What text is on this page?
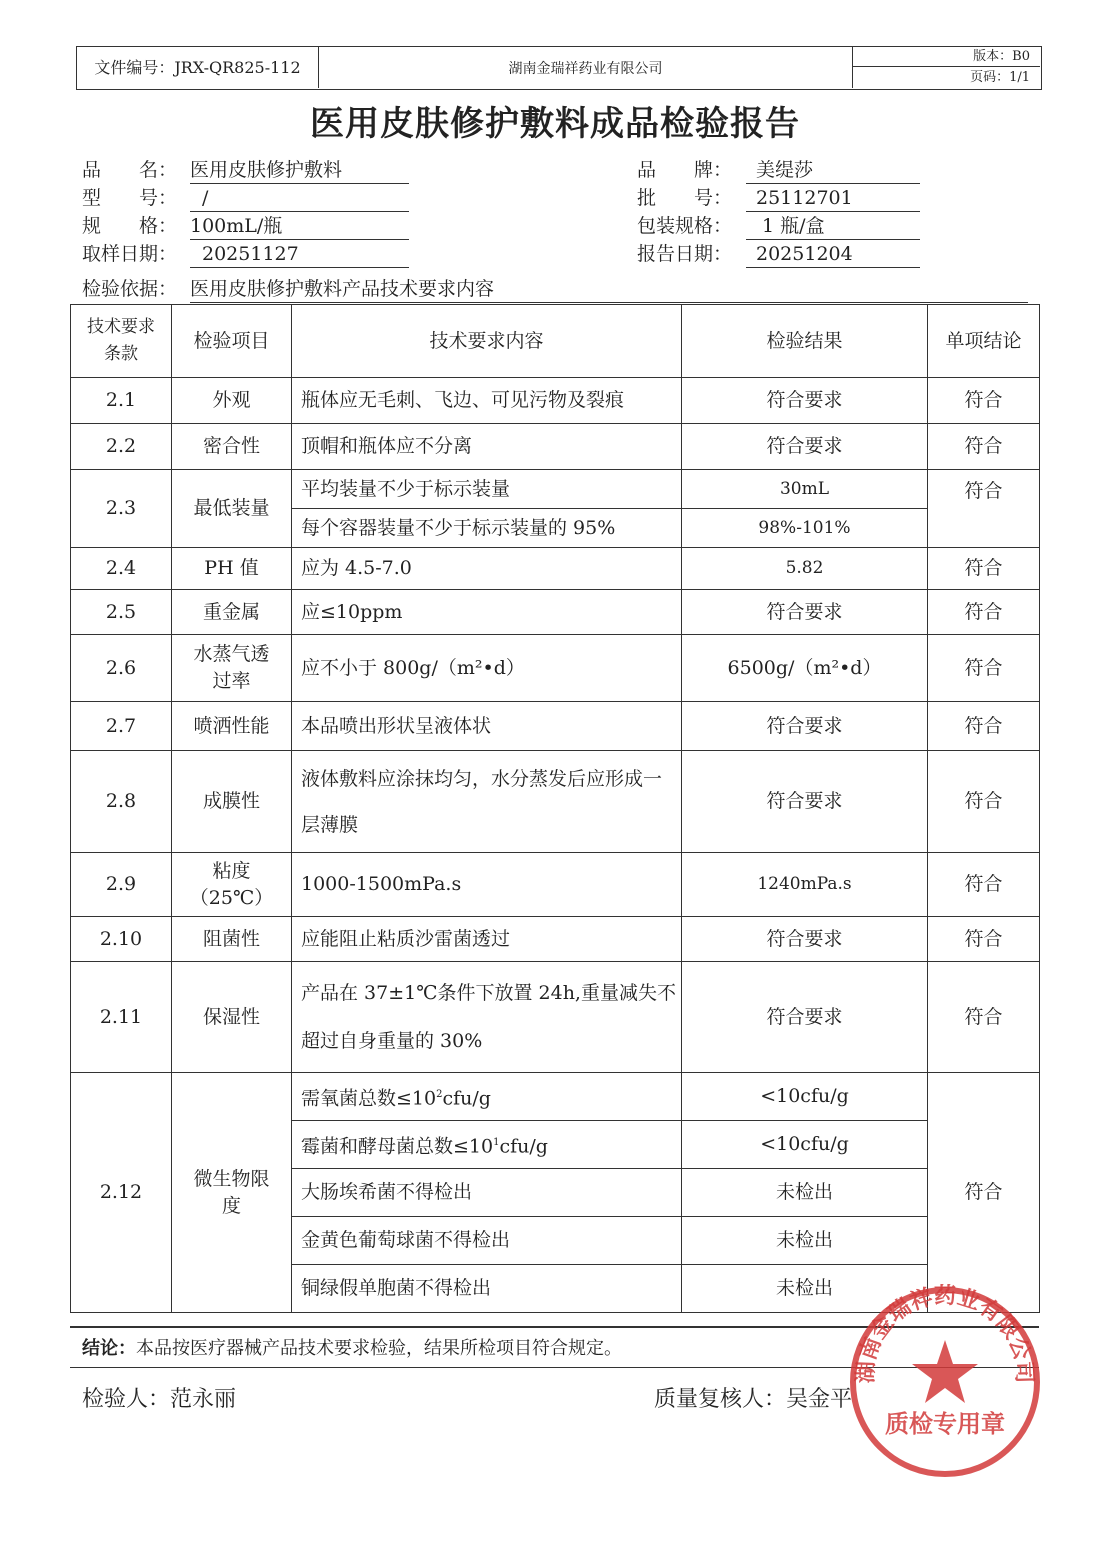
文件编号：JRX-QR825-112	湖南金瑞祥药业有限公司
版本：B0
页码：1/1
医用皮肤修护敷料成品检验报告
品　　名： 医用皮肤修护敷料	品　　牌：	美缇莎
型　　号：	/	批　　号：	25112701
规　　格： 100mL/瓶	包装规格：	1 瓶/盒
取样日期：	20251127	报告日期：	20251204
检验依据： 医用皮肤修护敷料产品技术要求内容
技术要求条款	检验项目	技术要求内容	检验结果	单项结论
2.1	外观	瓶体应无毛刺、飞边、可见污物及裂痕	符合要求	符合
2.2	密合性	顶帽和瓶体应不分离	符合要求	符合
2.3	最低装量	平均装量不少于标示装量	30mL	符合
		每个容器装量不少于标示装量的 95%	98%-101%	
2.4	PH 值	应为 4.5-7.0	5.82	符合
2.5	重金属	应≤10ppm	符合要求	符合
2.6	水蒸气透过率	应不小于 800g/（m²•d）	6500g/（m²•d）	符合
2.7	喷洒性能	本品喷出形状呈液体状	符合要求	符合
2.8	成膜性	液体敷料应涂抹均匀，水分蒸发后应形成一层薄膜	符合要求	符合
2.9	粘度（25℃）	1000-1500mPa.s	1240mPa.s	符合
2.10	阻菌性	应能阻止粘质沙雷菌透过	符合要求	符合
2.11	保湿性	产品在 37±1℃条件下放置 24h,重量减失不超过自身重量的 30%	符合要求	符合
2.12	微生物限度	需氧菌总数$\le 10^2cfu/g$	<10cfu/g	符合
		霉菌和酵母菌总数$\le 10^1cfu/g$	<10cfu/g	
		大肠埃希菌不得检出	未检出	
		金黄色葡萄球菌不得检出	未检出	
		铜绿假单胞菌不得检出	未检出	
结论：本品按医疗器械产品技术要求检验，结果所检项目符合规定。
检验人：范永丽	质量复核人：吴金平
湖南金瑞祥药业有限公司
质检专用章
